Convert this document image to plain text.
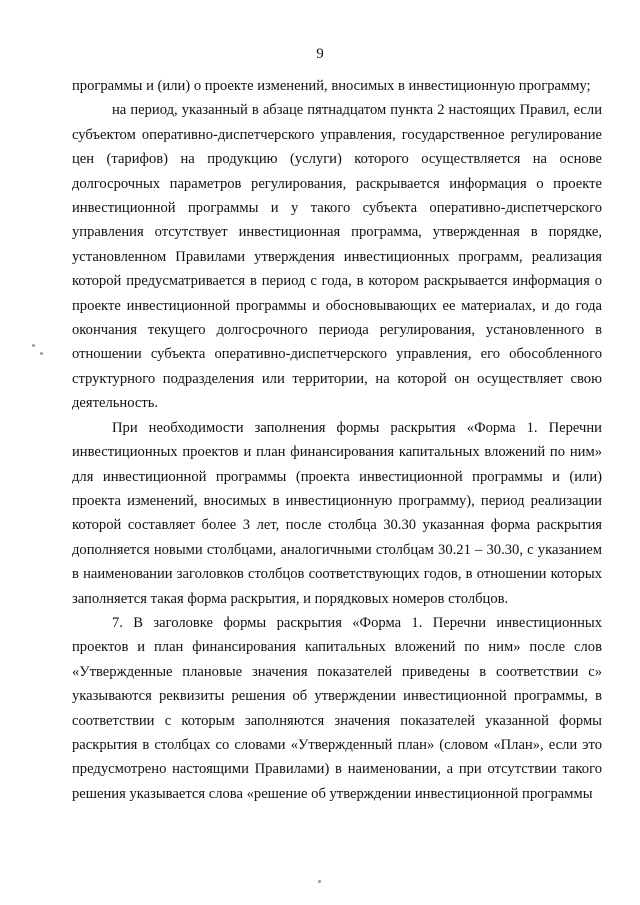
9

программы и (или) о проекте изменений, вносимых в инвестиционную программу;

на период, указанный в абзаце пятнадцатом пункта 2 настоящих Правил, если субъектом оперативно-диспетчерского управления, государственное регулирование цен (тарифов) на продукцию (услуги) которого осуществляется на основе долгосрочных параметров регулирования, раскрывается информация о проекте инвестиционной программы и у такого субъекта оперативно-диспетчерского управления отсутствует инвестиционная программа, утвержденная в порядке, установленном Правилами утверждения инвестиционных программ, реализация которой предусматривается в период с года, в котором раскрывается информация о проекте инвестиционной программы и обосновывающих ее материалах, и до года окончания текущего долгосрочного периода регулирования, установленного в отношении субъекта оперативно-диспетчерского управления, его обособленного структурного подразделения или территории, на которой он осуществляет свою деятельность.

При необходимости заполнения формы раскрытия «Форма 1. Перечни инвестиционных проектов и план финансирования капитальных вложений по ним» для инвестиционной программы (проекта инвестиционной программы и (или) проекта изменений, вносимых в инвестиционную программу), период реализации которой составляет более 3 лет, после столбца 30.30 указанная форма раскрытия дополняется новыми столбцами, аналогичными столбцам 30.21 – 30.30, с указанием в наименовании заголовков столбцов соответствующих годов, в отношении которых заполняется такая форма раскрытия, и порядковых номеров столбцов.

7. В заголовке формы раскрытия «Форма 1. Перечни инвестиционных проектов и план финансирования капитальных вложений по ним» после слов «Утвержденные плановые значения показателей приведены в соответствии с» указываются реквизиты решения об утверждении инвестиционной программы, в соответствии с которым заполняются значения показателей указанной формы раскрытия в столбцах со словами «Утвержденный план» (словом «План», если это предусмотрено настоящими Правилами) в наименовании, а при отсутствии такого решения указывается слова «решение об утверждении инвестиционной программы
